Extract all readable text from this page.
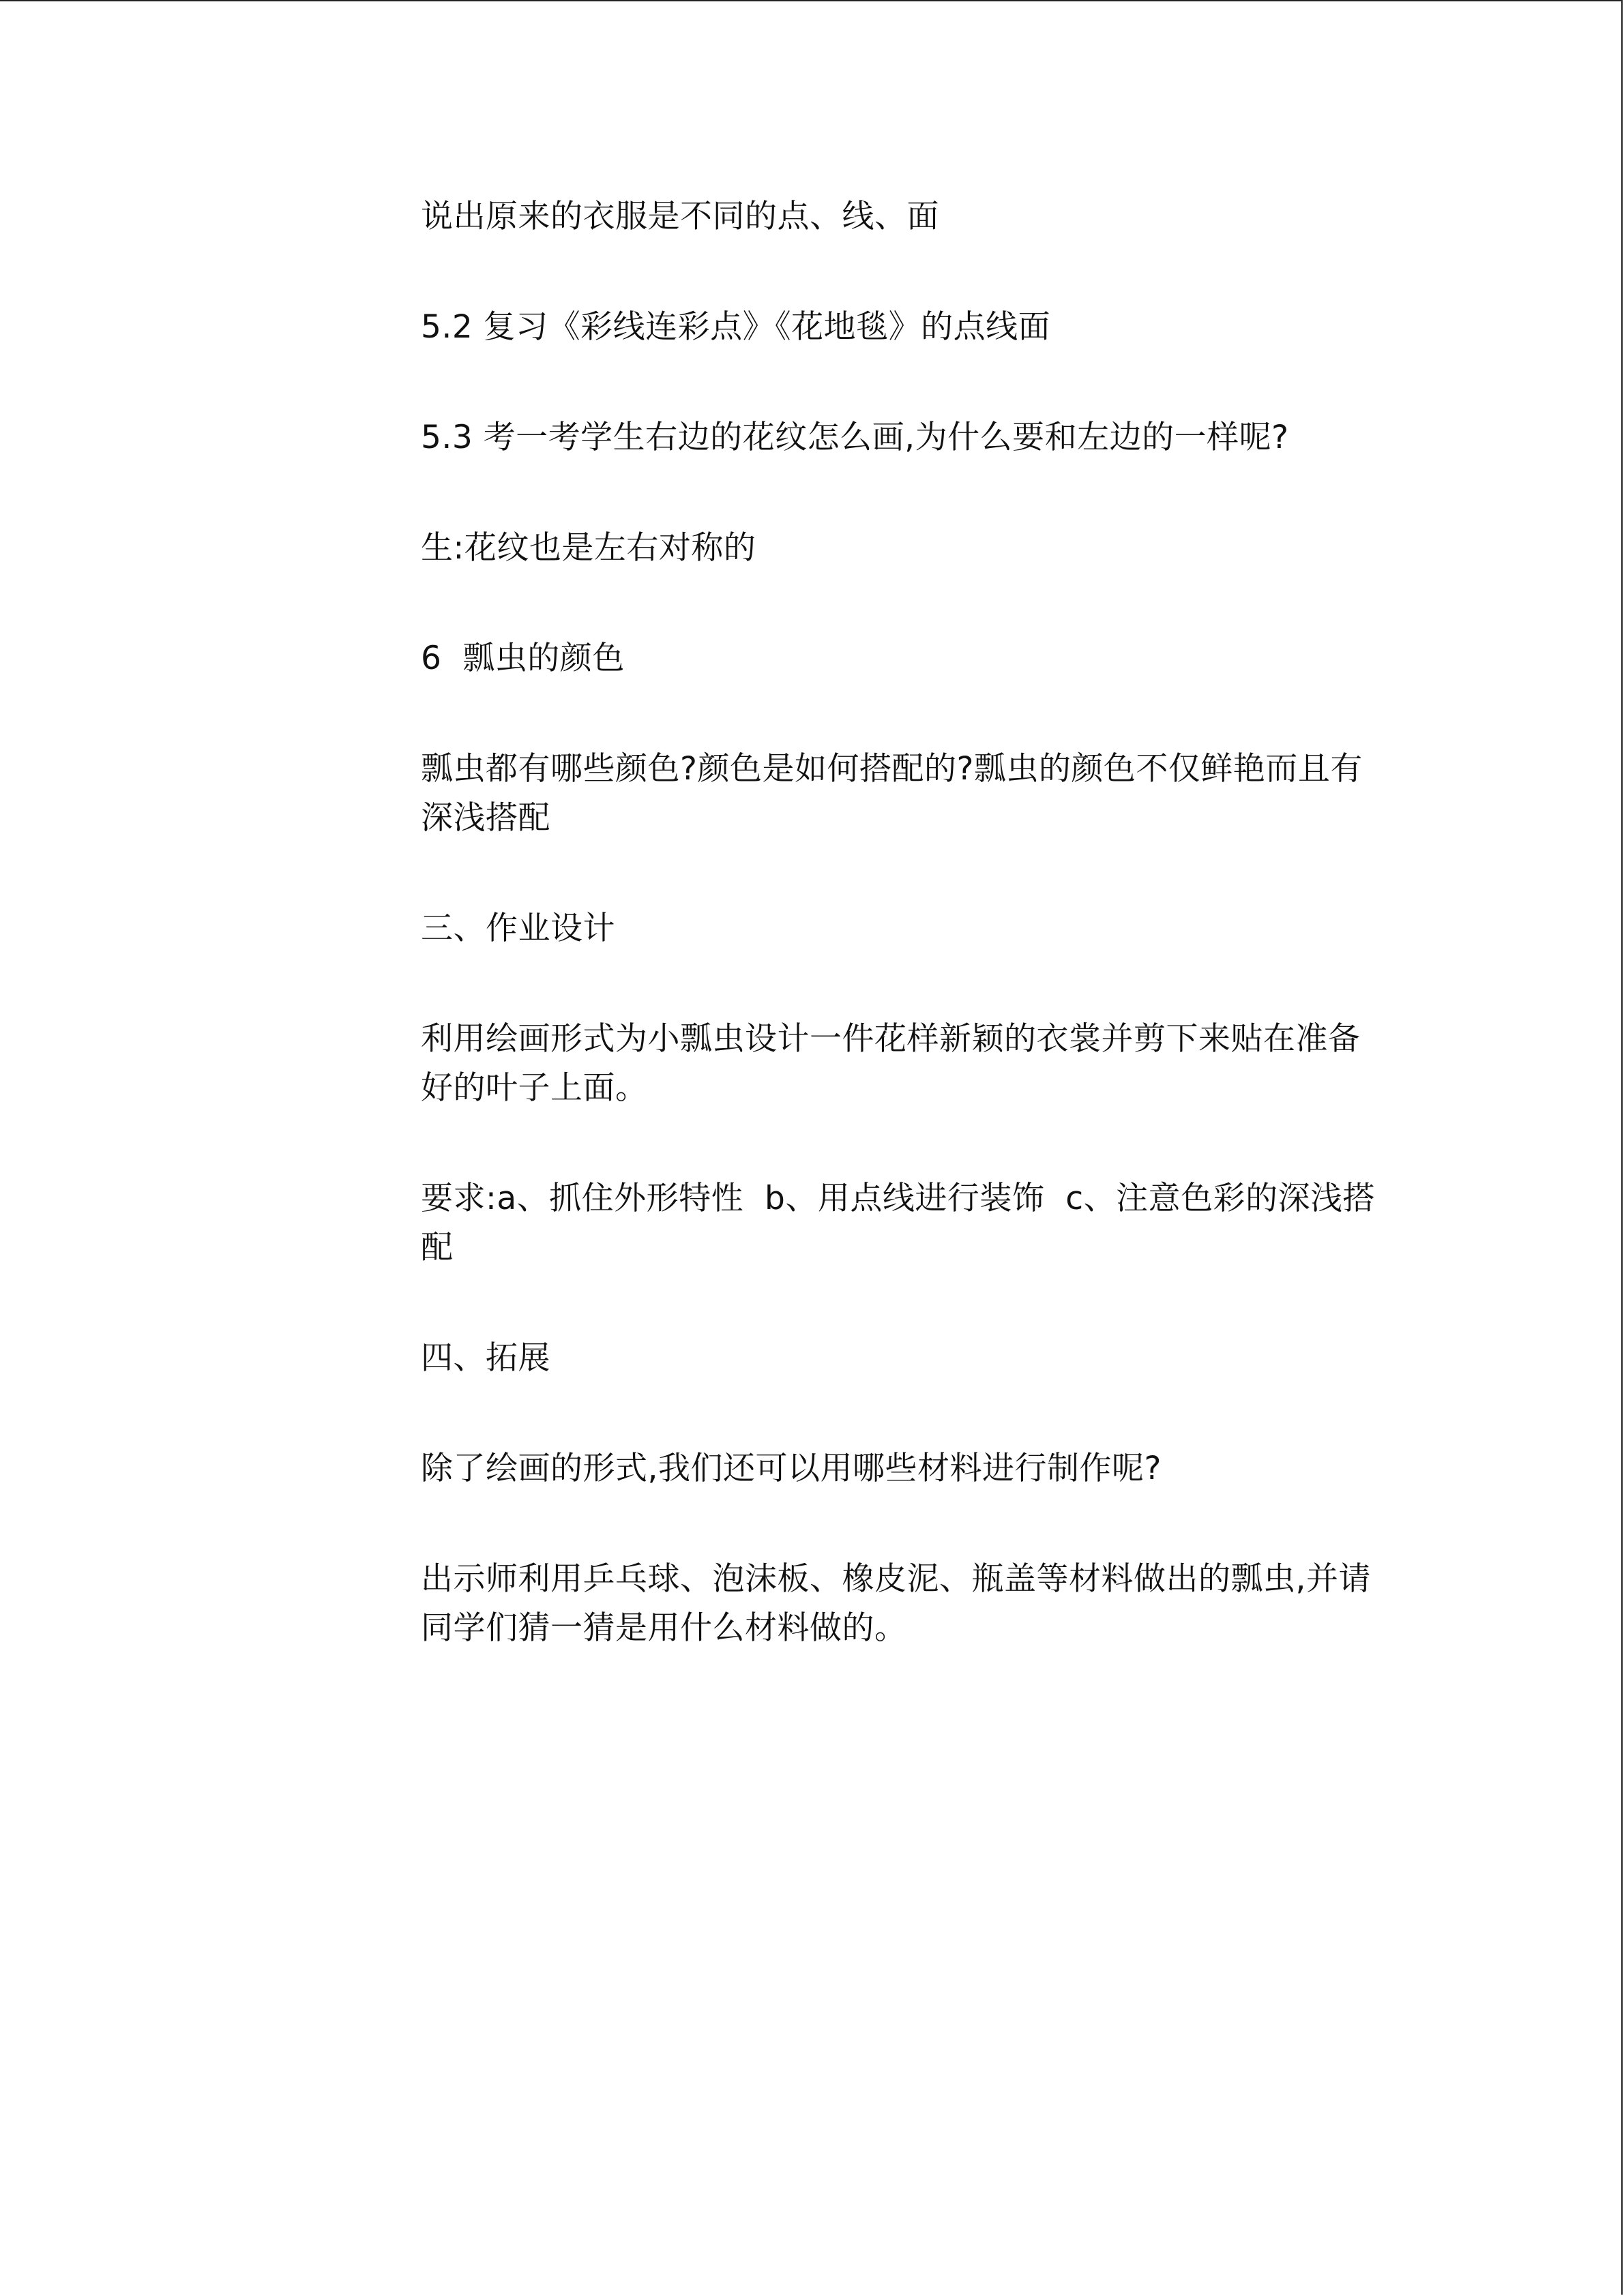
说出原来的衣服是不同的点、线、面

5.2 复习《彩线连彩点》《花地毯》的点线面

5.3 考一考学生右边的花纹怎么画,为什么要和左边的一样呢?

生:花纹也是左右对称的

6  瓢虫的颜色

瓢虫都有哪些颜色?颜色是如何搭配的?瓢虫的颜色不仅鲜艳而且有
深浅搭配

三、作业设计

利用绘画形式为小瓢虫设计一件花样新颖的衣裳并剪下来贴在准备
好的叶子上面。

要求:a、抓住外形特性  b、用点线进行装饰  c、注意色彩的深浅搭
配

四、拓展

除了绘画的形式,我们还可以用哪些材料进行制作呢?

出示师利用乒乓球、泡沫板、橡皮泥、瓶盖等材料做出的瓢虫,并请
同学们猜一猜是用什么材料做的。
